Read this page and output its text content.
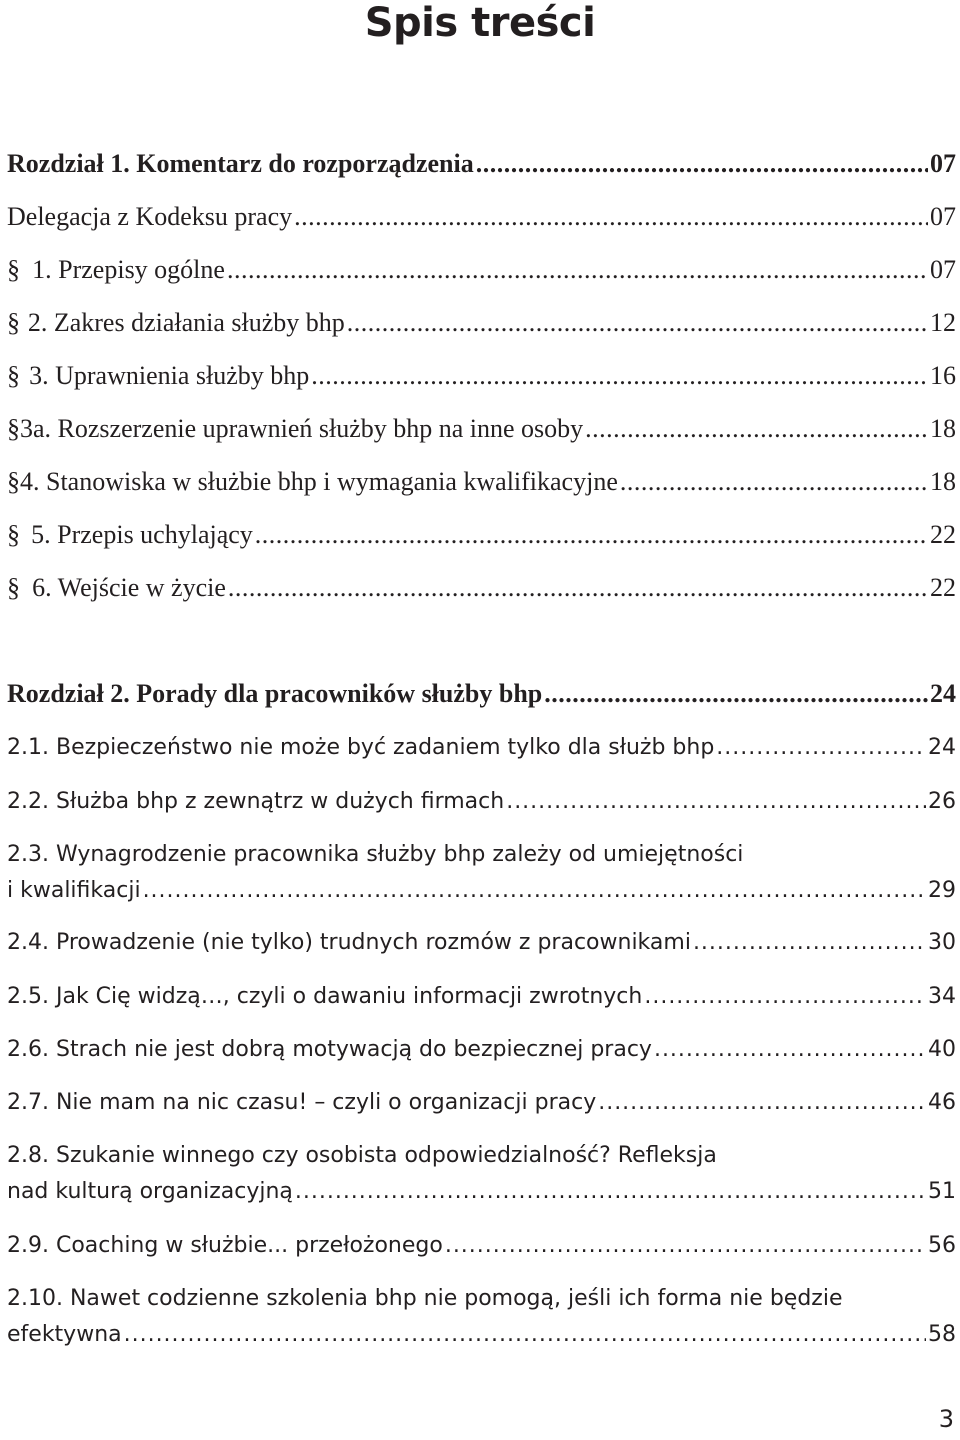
Spis treści
Rozdział 1. Komentarz do rozporządzenia . . .	07
Delegacja z Kodeksu pracy . . .	07
§ 1. Przepisy ogólne . . .	07
§ 2. Zakres działania służby bhp . . .	12
§ 3. Uprawnienia służby bhp . . .	16
§ 3a. Rozszerzenie uprawnień służby bhp na inne osoby . . .	18
§ 4. Stanowiska w służbie bhp i wymagania kwalifikacyjne . . .	18
§ 5. Przepis uchylający . . .	22
§ 6. Wejście w życie . . .	22
Rozdział 2. Porady dla pracowników służby bhp . . .	24
2.1. Bezpieczeństwo nie może być zadaniem tylko dla służb bhp . . .	24
2.2. Służba bhp z zewnątrz w dużych firmach . . .	26
2.3. Wynagrodzenie pracownika służby bhp zależy od umiejętności
i kwalifikacji . . .	29
2.4. Prowadzenie (nie tylko) trudnych rozmów z pracownikami . . .	30
2.5. Jak Cię widzą…, czyli o dawaniu informacji zwrotnych . . .	34
2.6. Strach nie jest dobrą motywacją do bezpiecznej pracy . . .	40
2.7. Nie mam na nic czasu! – czyli o organizacji pracy . . .	46
2.8. Szukanie winnego czy osobista odpowiedzialność? Refleksja
nad kulturą organizacyjną . . .	51
2.9. Coaching w służbie... przełożonego . . .	56
2.10. Nawet codzienne szkolenia bhp nie pomogą, jeśli ich forma nie będzie
efektywna . . .	58
3
